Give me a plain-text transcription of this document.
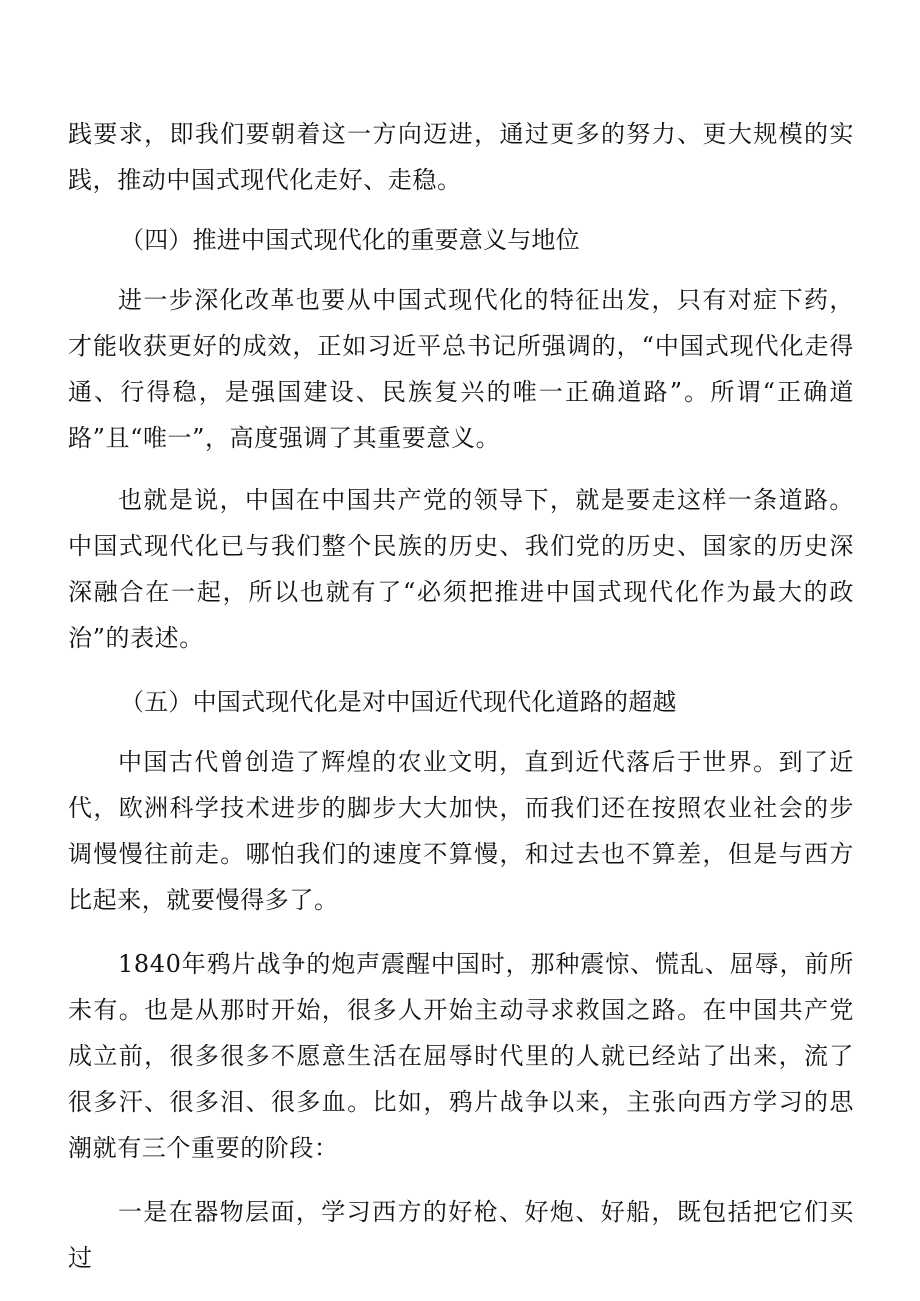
践要求，即我们要朝着这一方向迈进，通过更多的努力、更大规模的实践，推动中国式现代化走好、走稳。

（四）推进中国式现代化的重要意义与地位

进一步深化改革也要从中国式现代化的特征出发，只有对症下药，才能收获更好的成效，正如习近平总书记所强调的，“中国式现代化走得通、行得稳，是强国建设、民族复兴的唯一正确道路”。所谓“正确道路”且“唯一”，高度强调了其重要意义。

也就是说，中国在中国共产党的领导下，就是要走这样一条道路。中国式现代化已与我们整个民族的历史、我们党的历史、国家的历史深深融合在一起，所以也就有了“必须把推进中国式现代化作为最大的政治”的表述。

（五）中国式现代化是对中国近代现代化道路的超越

中国古代曾创造了辉煌的农业文明，直到近代落后于世界。到了近代，欧洲科学技术进步的脚步大大加快，而我们还在按照农业社会的步调慢慢往前走。哪怕我们的速度不算慢，和过去也不算差，但是与西方比起来，就要慢得多了。

1840年鸦片战争的炮声震醒中国时，那种震惊、慌乱、屈辱，前所未有。也是从那时开始，很多人开始主动寻求救国之路。在中国共产党成立前，很多很多不愿意生活在屈辱时代里的人就已经站了出来，流了很多汗、很多泪、很多血。比如，鸦片战争以来，主张向西方学习的思潮就有三个重要的阶段：

一是在器物层面，学习西方的好枪、好炮、好船，既包括把它们买过
